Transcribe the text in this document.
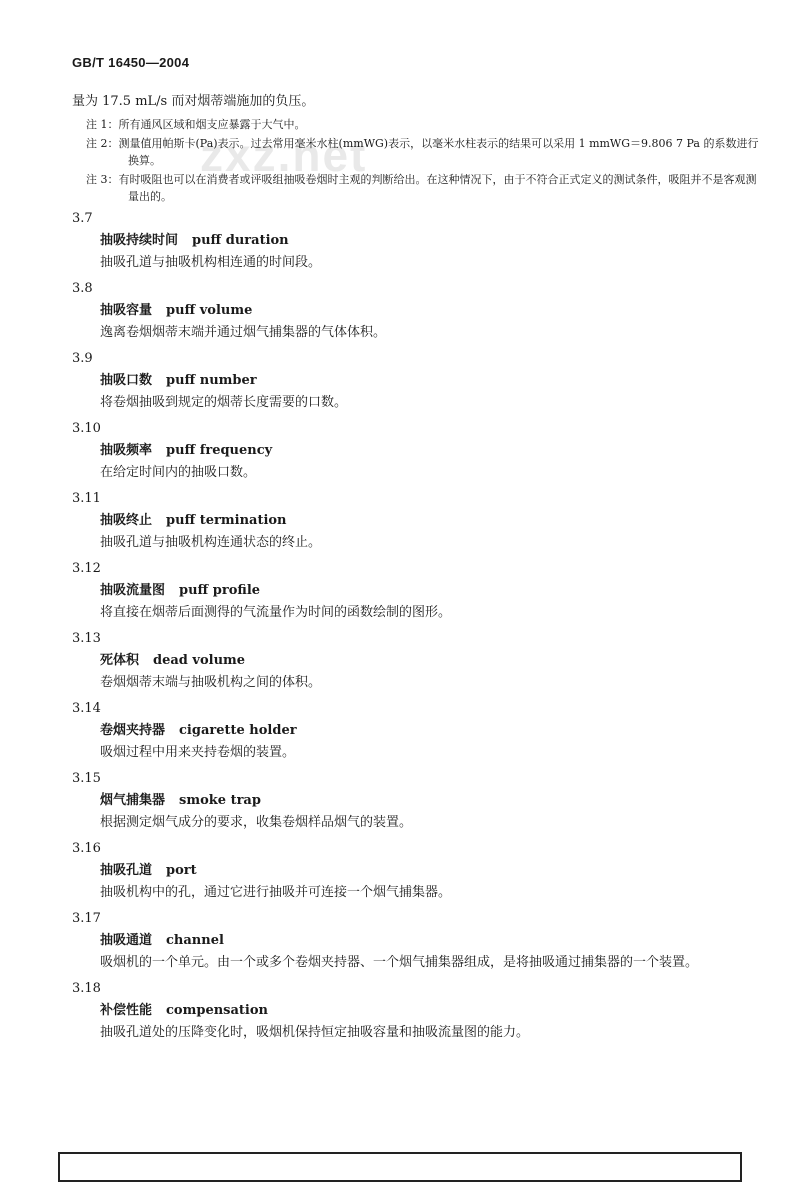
GB/T 16450—2004
zxz.net

量为 17.5 mL/s 而对烟蒂端施加的负压。

注 1：所有通风区域和烟支应暴露于大气中。

注 2：测量值用帕斯卡(Pa)表示。过去常用毫米水柱(mmWG)表示，以毫米水柱表示的结果可以采用 1 mmWG＝9.806 7 Pa 的系数进行换算。

注 3：有时吸阻也可以在消费者或评吸组抽吸卷烟时主观的判断给出。在这种情况下，由于不符合正式定义的测试条件，吸阻并不是客观测量出的。

3.7
抽吸持续时间 puff duration
抽吸孔道与抽吸机构相连通的时间段。
3.8
抽吸容量 puff volume
逸离卷烟烟蒂末端并通过烟气捕集器的气体体积。
3.9
抽吸口数 puff number
将卷烟抽吸到规定的烟蒂长度需要的口数。
3.10
抽吸频率 puff frequency
在给定时间内的抽吸口数。
3.11
抽吸终止 puff termination
抽吸孔道与抽吸机构连通状态的终止。
3.12
抽吸流量图 puff profile
将直接在烟蒂后面测得的气流量作为时间的函数绘制的图形。
3.13
死体积 dead volume
卷烟烟蒂末端与抽吸机构之间的体积。
3.14
卷烟夹持器 cigarette holder
吸烟过程中用来夹持卷烟的装置。
3.15
烟气捕集器 smoke trap
根据测定烟气成分的要求，收集卷烟样品烟气的装置。
3.16
抽吸孔道 port
抽吸机构中的孔，通过它进行抽吸并可连接一个烟气捕集器。
3.17
抽吸通道 channel
吸烟机的一个单元。由一个或多个卷烟夹持器、一个烟气捕集器组成，是将抽吸通过捕集器的一个装置。
3.18
补偿性能 compensation
抽吸孔道处的压降变化时，吸烟机保持恒定抽吸容量和抽吸流量图的能力。
